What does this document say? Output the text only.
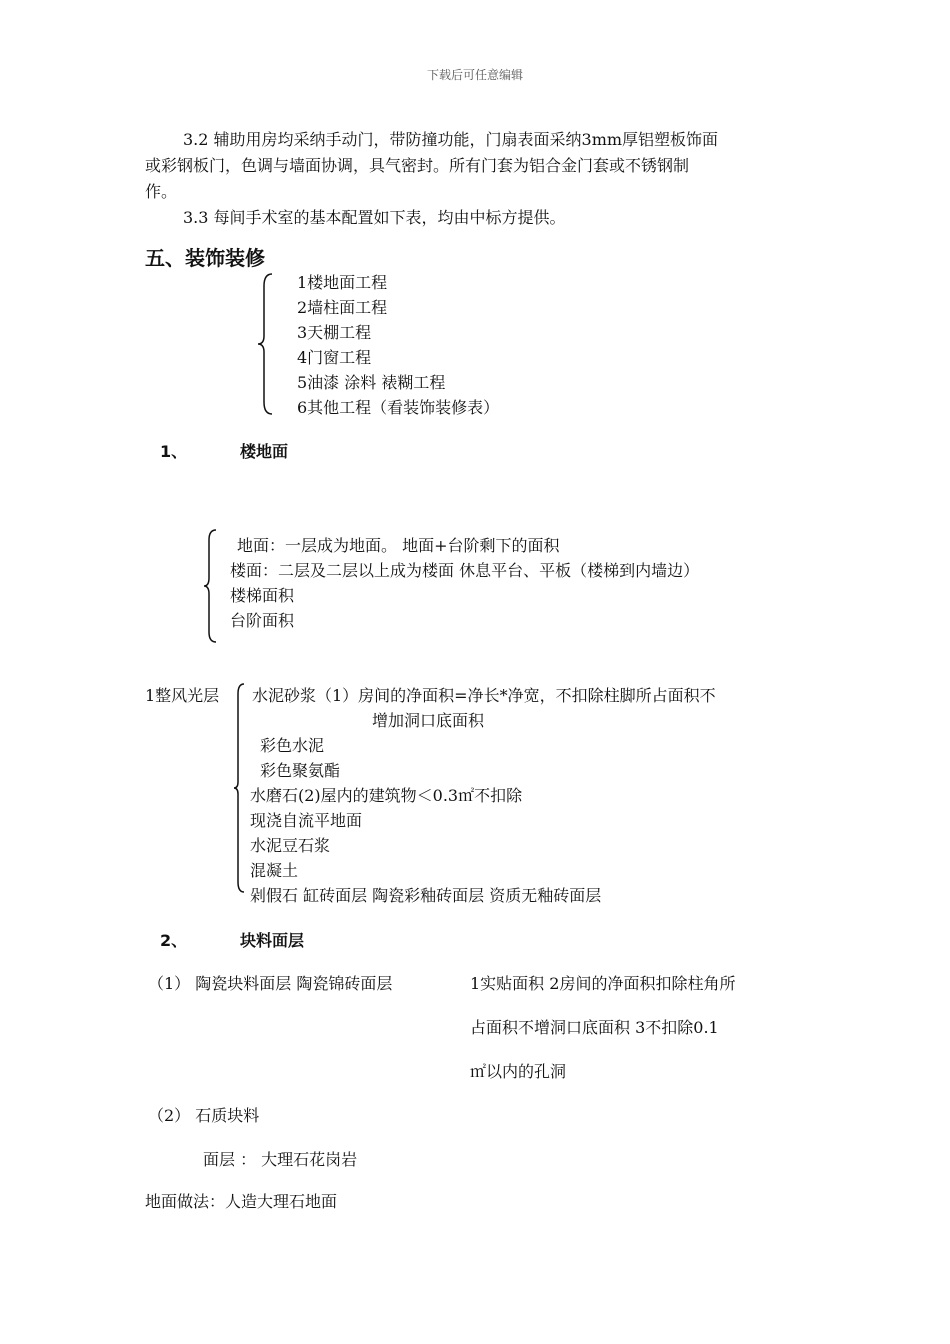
下载后可任意编辑
3.2 辅助用房均采纳手动门，带防撞功能，门扇表面采纳3mm厚铝塑板饰面
或彩钢板门，色调与墙面协调，具气密封。所有门套为铝合金门套或不锈钢制
作。
3.3 每间手术室的基本配置如下表，均由中标方提供。
五、装饰装修
1楼地面工程
2墙柱面工程
3天棚工程
4门窗工程
5油漆 涂料 裱糊工程
6其他工程（看装饰装修表）
1、	楼地面
地面：一层成为地面。 地面+台阶剩下的面积
楼面：二层及二层以上成为楼面 休息平台、平板（楼梯到内墙边）
楼梯面积
台阶面积
1整风光层 水泥砂浆（1）房间的净面积=净长*净宽，不扣除柱脚所占面积不
增加洞口底面积
彩色水泥
彩色聚氨酯
水磨石(2)屋内的建筑物＜0.3㎡不扣除
现浇自流平地面
水泥豆石浆
混凝土
剁假石 缸砖面层 陶瓷彩釉砖面层 资质无釉砖面层
2、	块料面层
（1） 陶瓷块料面层 陶瓷锦砖面层	1实贴面积 2房间的净面积扣除柱角所
占面积不增洞口底面积 3不扣除0.1
㎡以内的孔洞
（2） 石质块料
面层 ： 大理石花岗岩
地面做法：人造大理石地面
